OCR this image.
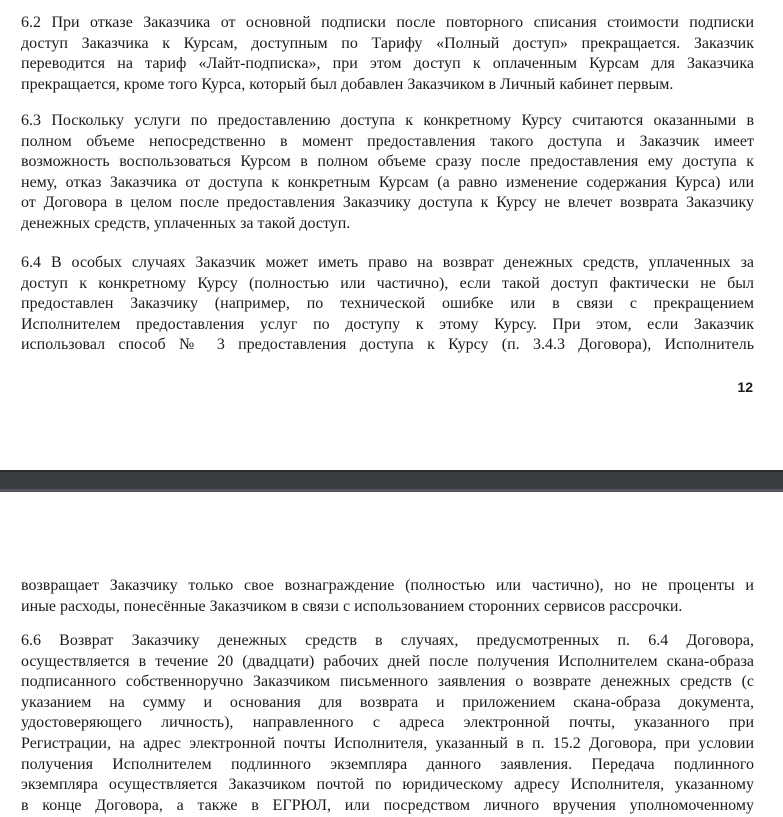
6.2 При отказе Заказчика от основной подписки после повторного списания стоимости подписки
доступ Заказчика к Курсам, доступным по Тарифу «Полный доступ» прекращается. Заказчик
переводится на тариф «Лайт-подписка», при этом доступ к оплаченным Курсам для Заказчика
прекращается, кроме того Курса, который был добавлен Заказчиком в Личный кабинет первым.
6.3 Поскольку услуги по предоставлению доступа к конкретному Курсу считаются оказанными в
полном объеме непосредственно в момент предоставления такого доступа и Заказчик имеет
возможность воспользоваться Курсом в полном объеме сразу после предоставления ему доступа к
нему, отказ Заказчика от доступа к конкретным Курсам (а равно изменение содержания Курса) или
от Договора в целом после предоставления Заказчику доступа к Курсу не влечет возврата Заказчику
денежных средств, уплаченных за такой доступ.
6.4 В особых случаях Заказчик может иметь право на возврат денежных средств, уплаченных за
доступ к конкретному Курсу (полностью или частично), если такой доступ фактически не был
предоставлен Заказчику (например, по технической ошибке или в связи с прекращением
Исполнителем предоставления услуг по доступу к этому Курсу. При этом, если Заказчик
использовал способ № 3 предоставления доступа к Курсу (п. 3.4.3 Договора), Исполнитель
12
возвращает Заказчику только свое вознаграждение (полностью или частично), но не проценты и
иные расходы, понесённые Заказчиком в связи с использованием сторонних сервисов рассрочки.
6.6 Возврат Заказчику денежных средств в случаях, предусмотренных п. 6.4 Договора,
осуществляется в течение 20 (двадцати) рабочих дней после получения Исполнителем скана-образа
подписанного собственноручно Заказчиком письменного заявления о возврате денежных средств (с
указанием на сумму и основания для возврата и приложением скана-образа документа,
удостоверяющего личность), направленного с адреса электронной почты, указанного при
Регистрации, на адрес электронной почты Исполнителя, указанный в п. 15.2 Договора, при условии
получения Исполнителем подлинного экземпляра данного заявления. Передача подлинного
экземпляра осуществляется Заказчиком почтой по юридическому адресу Исполнителя, указанному
в конце Договора, а также в ЕГРЮЛ, или посредством личного вручения уполномоченному
